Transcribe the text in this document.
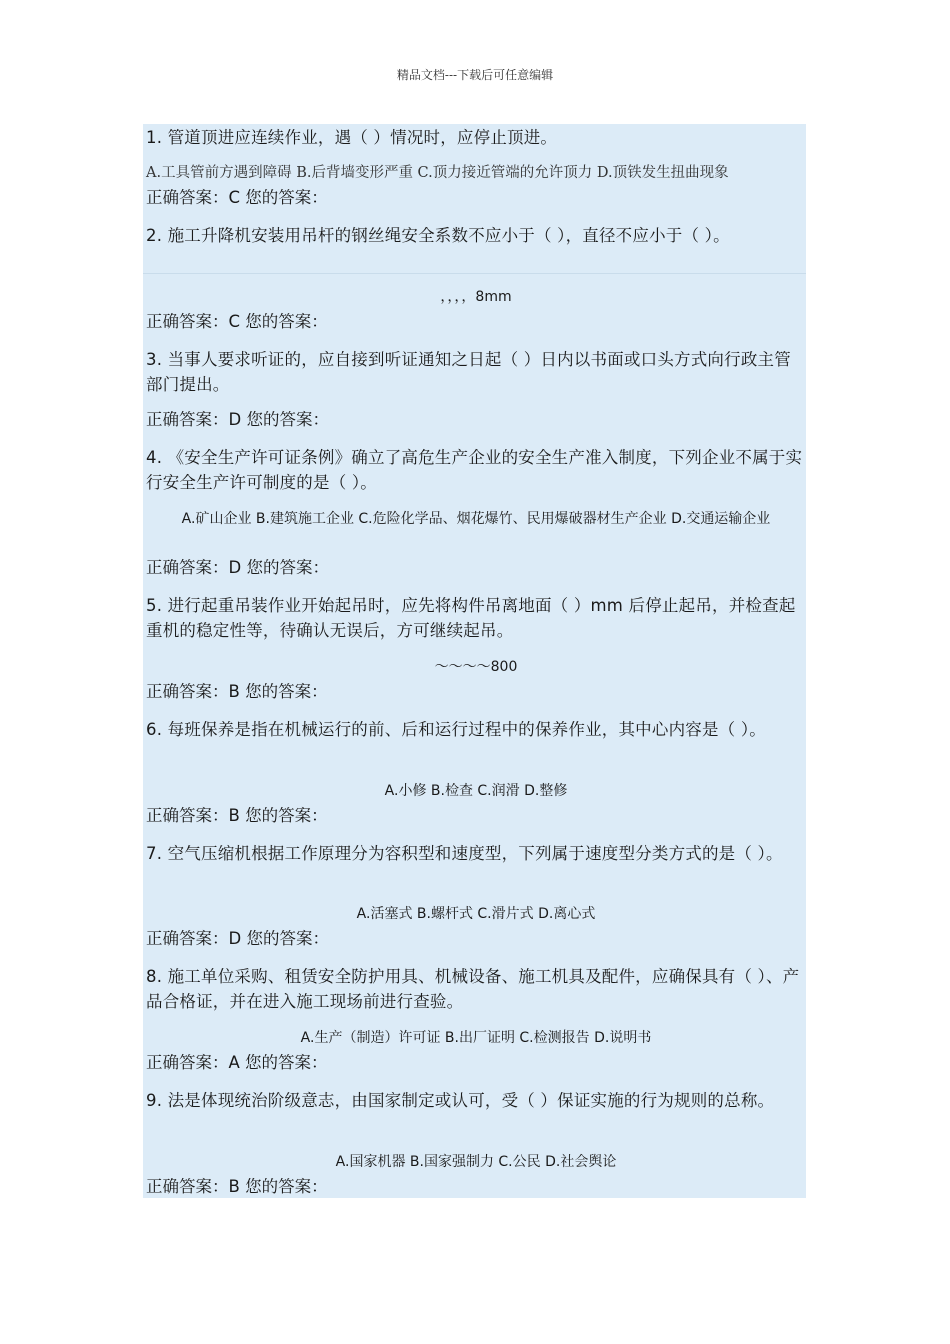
精品文档---下载后可任意编辑

1. 管道顶进应连续作业，遇（ ）情况时，应停止顶进。

A.工具管前方遇到障碍 B.后背墙变形严重 C.顶力接近管端的允许顶力 D.顶铁发生扭曲现象

正确答案：C 您的答案：

2. 施工升降机安装用吊杆的钢丝绳安全系数不应小于（ ），直径不应小于（ ）。

，，，，8mm

正确答案：C 您的答案：

3. 当事人要求听证的，应自接到听证通知之日起（ ）日内以书面或口头方式向行政主管部门提出。

正确答案：D 您的答案：

4. 《安全生产许可证条例》确立了高危生产企业的安全生产准入制度，下列企业不属于实行安全生产许可制度的是（ ）。

A.矿山企业 B.建筑施工企业 C.危险化学品、烟花爆竹、民用爆破器材生产企业 D.交通运输企业

正确答案：D 您的答案：

5. 进行起重吊装作业开始起吊时，应先将构件吊离地面（ ）mm 后停止起吊，并检查起重机的稳定性等，待确认无误后，方可继续起吊。

～～～～800

正确答案：B 您的答案：

6. 每班保养是指在机械运行的前、后和运行过程中的保养作业，其中心内容是（ ）。

A.小修 B.检查 C.润滑 D.整修

正确答案：B 您的答案：

7. 空气压缩机根据工作原理分为容积型和速度型，下列属于速度型分类方式的是（ ）。

A.活塞式 B.螺杆式 C.滑片式 D.离心式

正确答案：D 您的答案：

8. 施工单位采购、租赁安全防护用具、机械设备、施工机具及配件，应确保具有（ ）、产品合格证，并在进入施工现场前进行查验。

A.生产（制造）许可证 B.出厂证明 C.检测报告 D.说明书

正确答案：A 您的答案：

9. 法是体现统治阶级意志，由国家制定或认可，受（ ）保证实施的行为规则的总称。

A.国家机器 B.国家强制力 C.公民 D.社会舆论

正确答案：B 您的答案：
